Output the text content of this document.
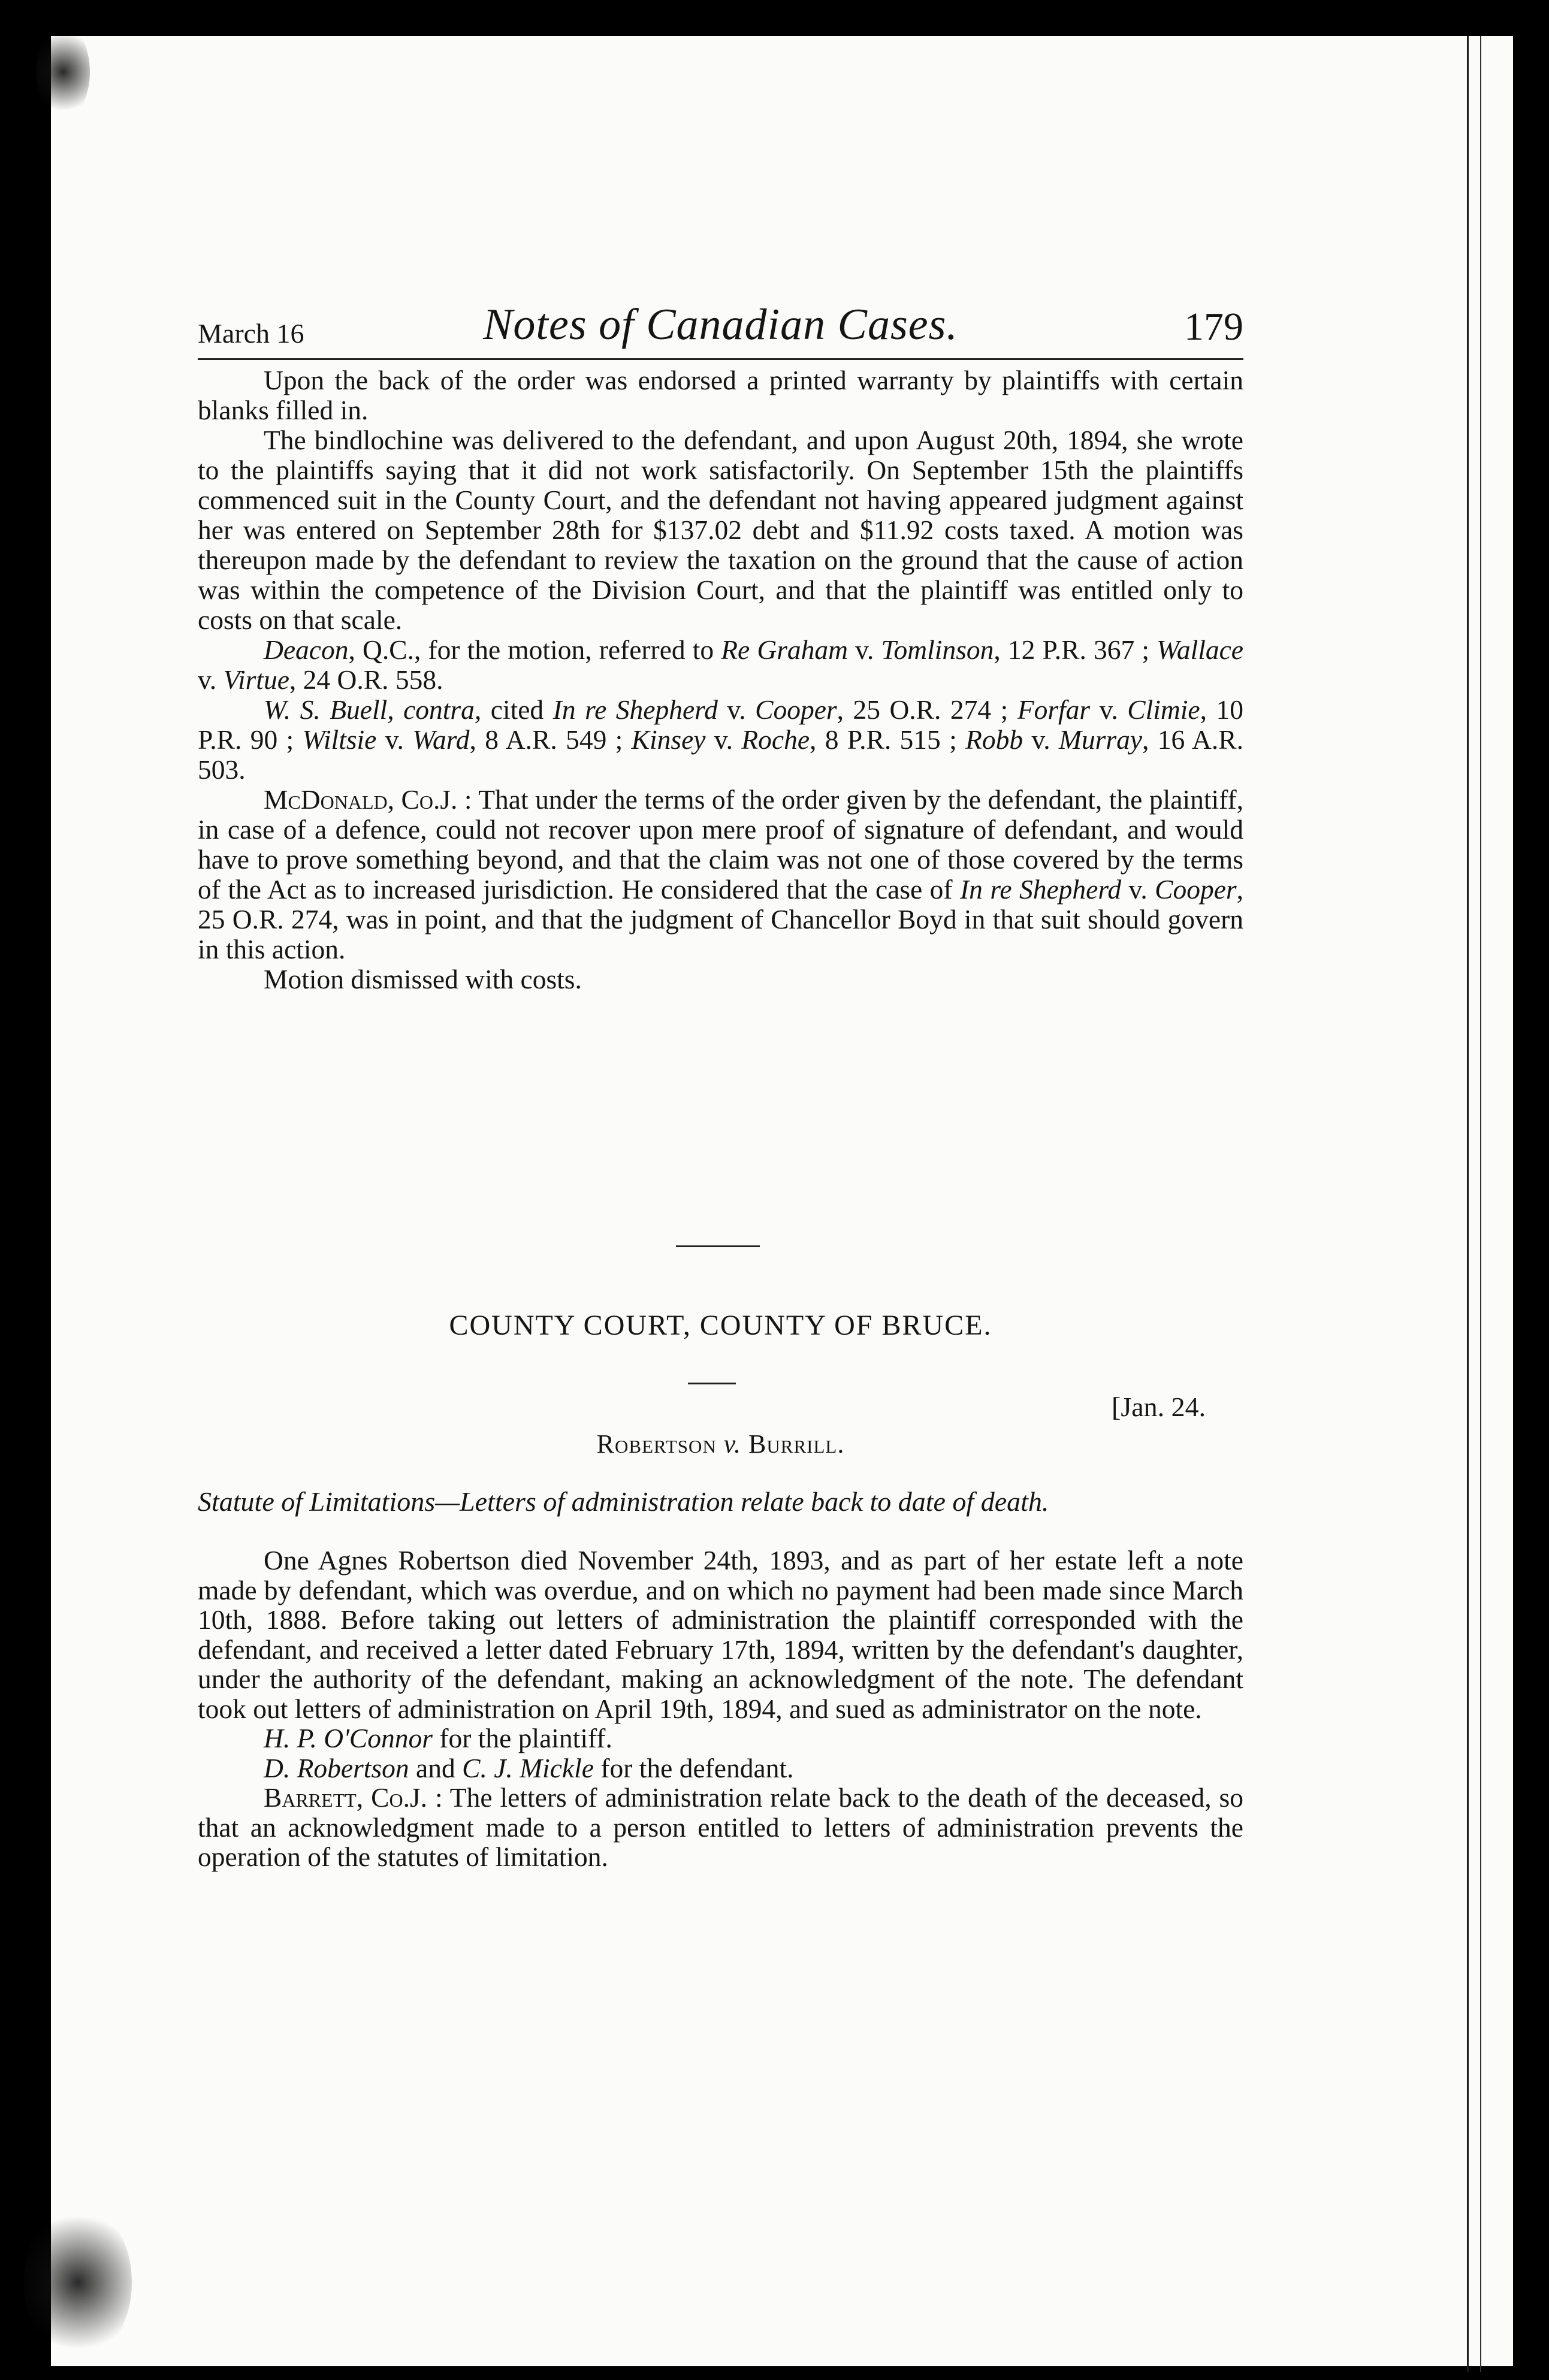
March 16	Notes of Canadian Cases.	179

Upon the back of the order was endorsed a printed warranty by plaintiffs with certain blanks filled in.

The bindlochine was delivered to the defendant, and upon August 20th, 1894, she wrote to the plaintiffs saying that it did not work satisfactorily. On September 15th the plaintiffs commenced suit in the County Court, and the defendant not having appeared judgment against her was entered on September 28th for $137.02 debt and $11.92 costs taxed. A motion was thereupon made by the defendant to review the taxation on the ground that the cause of action was within the competence of the Division Court, and that the plaintiff was entitled only to costs on that scale.

Deacon, Q.C., for the motion, referred to Re Graham v. Tomlinson, 12 P.R. 367 ; Wallace v. Virtue, 24 O.R. 558.

W. S. Buell, contra, cited In re Shepherd v. Cooper, 25 O.R. 274 ; Forfar v. Climie, 10 P.R. 90 ; Wiltsie v. Ward, 8 A.R. 549 ; Kinsey v. Roche, 8 P.R. 515 ; Robb v. Murray, 16 A.R. 503.

McDonald, Co.J. : That under the terms of the order given by the defendant, the plaintiff, in case of a defence, could not recover upon mere proof of signature of defendant, and would have to prove something beyond, and that the claim was not one of those covered by the terms of the Act as to increased jurisdiction. He considered that the case of In re Shepherd v. Cooper, 25 O.R. 274, was in point, and that the judgment of Chancellor Boyd in that suit should govern in this action.

Motion dismissed with costs.

COUNTY COURT, COUNTY OF BRUCE.
[Jan. 24.
Robertson v. Burrill.
Statute of Limitations—Letters of administration relate back to date of death.

One Agnes Robertson died November 24th, 1893, and as part of her estate left a note made by defendant, which was overdue, and on which no payment had been made since March 10th, 1888. Before taking out letters of administration the plaintiff corresponded with the defendant, and received a letter dated February 17th, 1894, written by the defendant's daughter, under the authority of the defendant, making an acknowledgment of the note. The defendant took out letters of administration on April 19th, 1894, and sued as administrator on the note.

H. P. O'Connor for the plaintiff.

D. Robertson and C. J. Mickle for the defendant.

Barrett, Co.J. : The letters of administration relate back to the death of the deceased, so that an acknowledgment made to a person entitled to letters of administration prevents the operation of the statutes of limitation.
